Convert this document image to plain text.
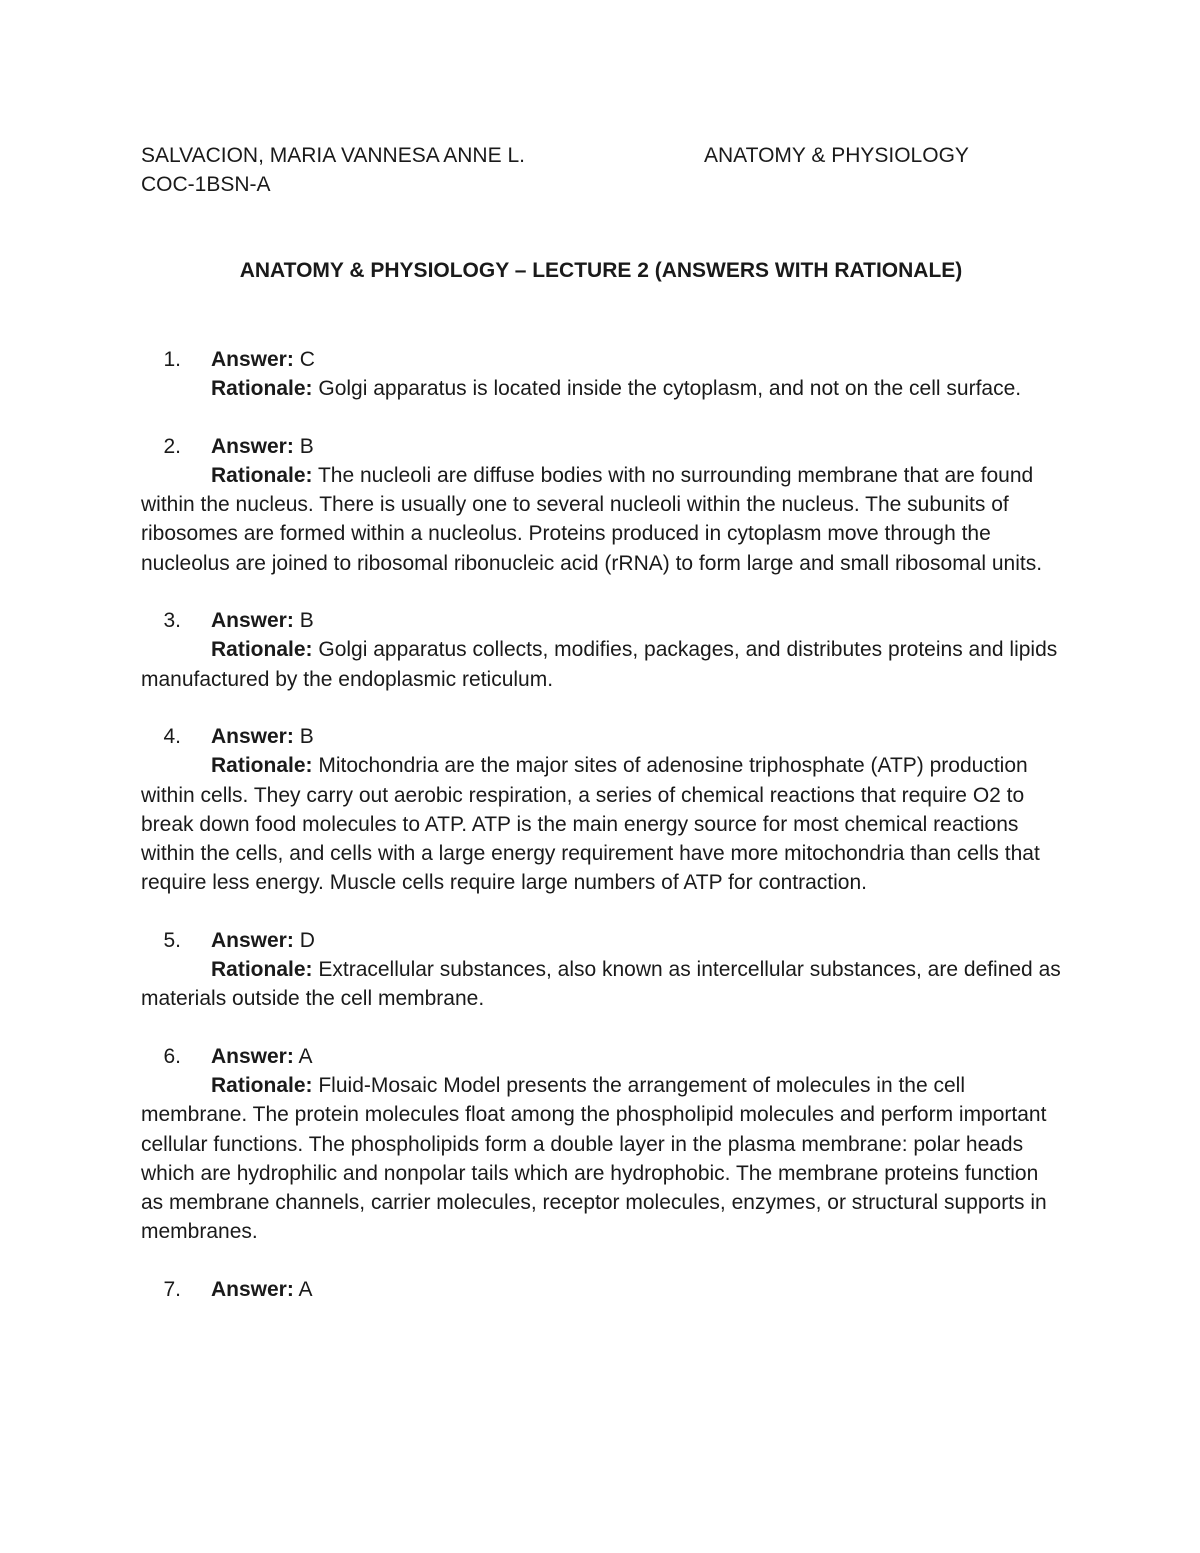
SALVACION, MARIA VANNESA ANNE L.	ANATOMY & PHYSIOLOGY
COC-1BSN-A
ANATOMY & PHYSIOLOGY – LECTURE 2 (ANSWERS WITH RATIONALE)
1. Answer: C

Rationale: Golgi apparatus is located inside the cytoplasm, and not on the cell surface.

2. Answer: B

Rationale: The nucleoli are diffuse bodies with no surrounding membrane that are found within the nucleus. There is usually one to several nucleoli within the nucleus. The subunits of ribosomes are formed within a nucleolus. Proteins produced in cytoplasm move through the nucleolus are joined to ribosomal ribonucleic acid (rRNA) to form large and small ribosomal units.

3. Answer: B

Rationale: Golgi apparatus collects, modifies, packages, and distributes proteins and lipids manufactured by the endoplasmic reticulum.

4. Answer: B

Rationale: Mitochondria are the major sites of adenosine triphosphate (ATP) production within cells. They carry out aerobic respiration, a series of chemical reactions that require O2 to break down food molecules to ATP. ATP is the main energy source for most chemical reactions within the cells, and cells with a large energy requirement have more mitochondria than cells that require less energy. Muscle cells require large numbers of ATP for contraction.

5. Answer: D

Rationale: Extracellular substances, also known as intercellular substances, are defined as materials outside the cell membrane.

6. Answer: A

Rationale: Fluid-Mosaic Model presents the arrangement of molecules in the cell membrane. The protein molecules float among the phospholipid molecules and perform important cellular functions. The phospholipids form a double layer in the plasma membrane: polar heads which are hydrophilic and nonpolar tails which are hydrophobic. The membrane proteins function as membrane channels, carrier molecules, receptor molecules, enzymes, or structural supports in membranes.

7. Answer: A
